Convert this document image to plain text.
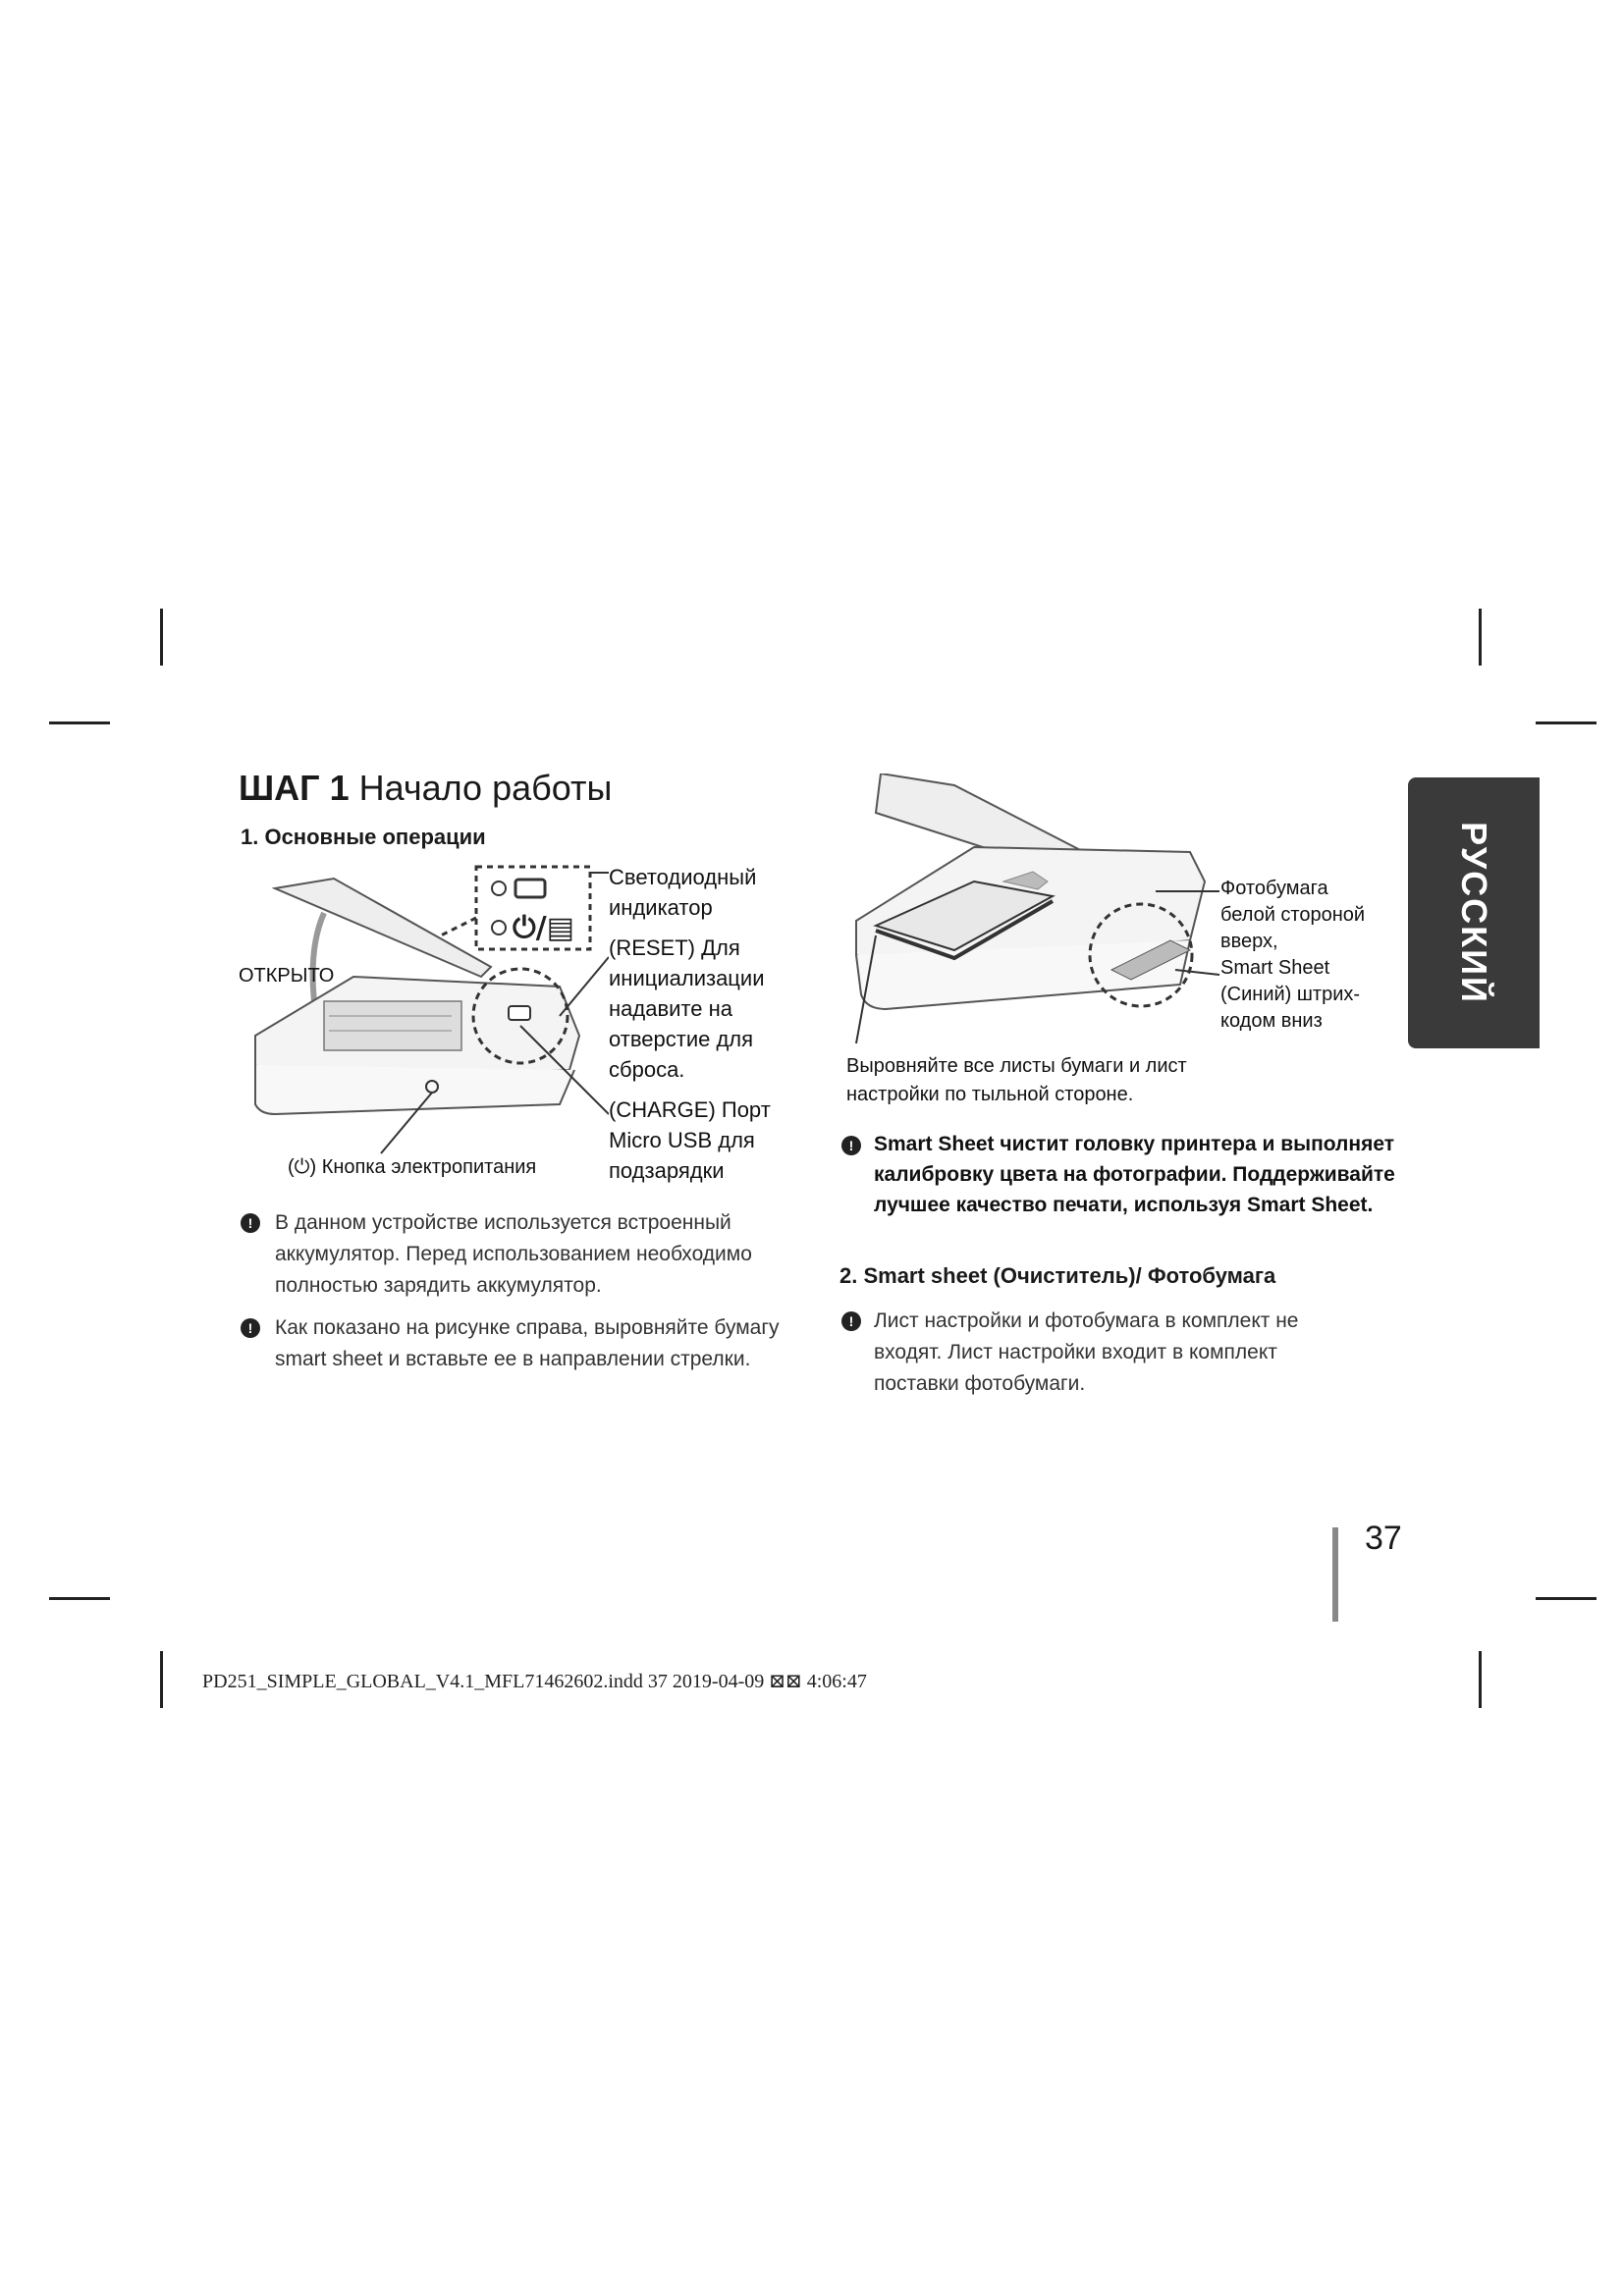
ШАГ 1 Начало работы
1. Основные операции
⏻/▤
ОТКРЫТО
Светодиодный
индикатор
(RESET) Для
инициализации
надавите на
отверстие для
сброса.
(CHARGE) Порт
Micro USB для
подзарядки
(⏻) Кнопка электропитания
!	В данном устройстве используется встроенный аккумулятор. Перед использованием необходимо полностью зарядить аккумулятор.
!	Как показано на рисунке справа, выровняйте бумагу smart sheet и вставьте ее в направлении стрелки.
Фотобумага
белой стороной
вверх,
Smart Sheet
(Синий) штрих-
кодом вниз
Выровняйте все листы бумаги и лист
настройки по тыльной стороне.
! Smart Sheet чистит головку принтера и выполняет калибровку цвета на фотографии. Поддерживайте лучшее качество печати, используя Smart Sheet.
2. Smart sheet (Очиститель)/ Фотобумага
! Лист настройки и фотобумага в комплект не входят. Лист настройки входит в комплект поставки фотобумаги.
РУССКИЙ
37
PD251_SIMPLE_GLOBAL_V4.1_MFL71462602.indd 37 2019-04-09 ⊠⊠ 4:06:47
